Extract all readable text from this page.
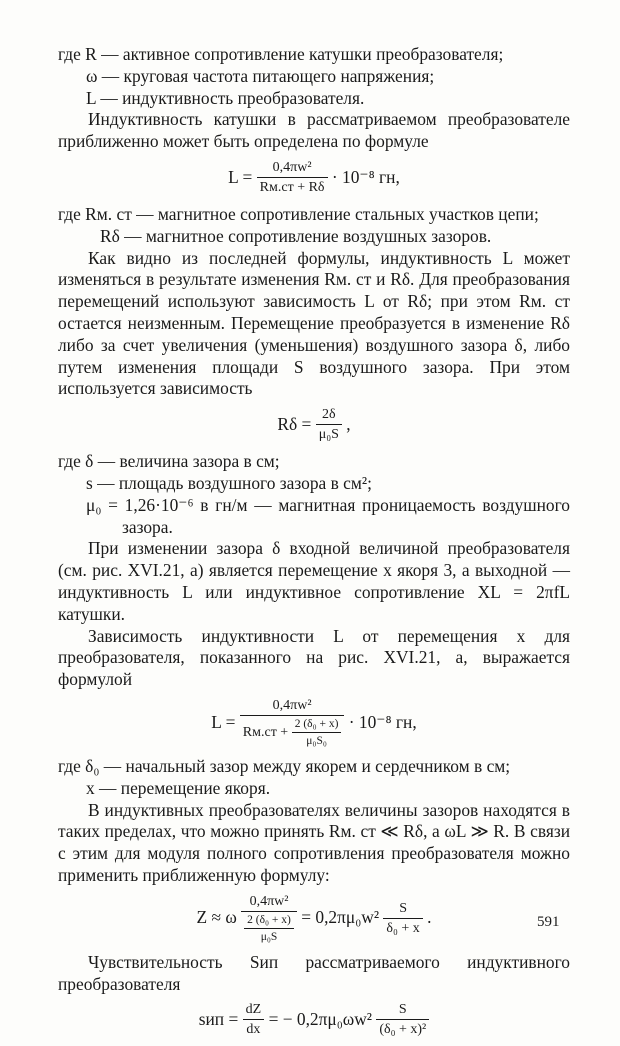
где R — активное сопротивление катушки преобразователя;

ω — круговая частота питающего напряжения;

L — индуктивность преобразователя.

Индуктивность катушки в рассматриваемом преобразователе приближенно может быть определена по формуле

$L = \frac{\text{0,4πw²}}{Rм.ст + R\delta} \cdot 10^{-8}$ гн,

где Rм. ст — магнитное сопротивление стальных участков цепи;

Rδ — магнитное сопротивление воздушных зазоров.

Как видно из последней формулы, индуктивность L может изменяться в результате изменения Rм. ст и Rδ. Для преобразования перемещений используют зависимость L от Rδ; при этом Rм. ст остается неизменным. Перемещение преобразуется в изменение Rδ либо за счет увеличения (уменьшения) воздушного зазора δ, либо путем изменения площади S воздушного зазора. При этом используется зависимость

$R\delta = \frac{2\delta}{\text{μ₀S}}$ ,

где δ — величина зазора в см;

s — площадь воздушного зазора в см²;

μ₀ = 1,26·10⁻⁶ в гн/м — магнитная проницаемость воздушного зазора.

При изменении зазора δ входной величиной преобразователя (см. рис. XVI.21, а) является перемещение х якоря 3, а выходной — индуктивность L или индуктивное сопротивление XL = 2πfL катушки.

Зависимость индуктивности L от перемещения х для преобразователя, показанного на рис. XVI.21, а, выражается формулой

$L = \frac{\text{0,4πw²}}{Rм.ст + \frac{\text{2 (δ₀ + x)}}{\text{μ₀S₀}}} \cdot 10^{-8}$ гн,

где δ₀ — начальный зазор между якорем и сердечником в см;

х — перемещение якоря.

В индуктивных преобразователях величины зазоров находятся в таких пределах, что можно принять Rм. ст ≪ Rδ, а ωL ≫ R. В связи с этим для модуля полного сопротивления преобразователя можно применить приближенную формулу:

Z ≈ ω $\frac{\text{0,4πw²}}{\frac{\text{2 (δ₀ + x)}}{\text{μ₀S}}} = 0,2\pi\mu_0w^2 \frac{S}{\text{δ₀ + x}}$ .

Чувствительность Sип рассматриваемого индуктивного преобразователя

sип = $\frac{dZ}{dx}$ = − $0,2\pi\mu_0\omega w^2 \frac{S}{\text{(δ₀ + x)²}}$
591
